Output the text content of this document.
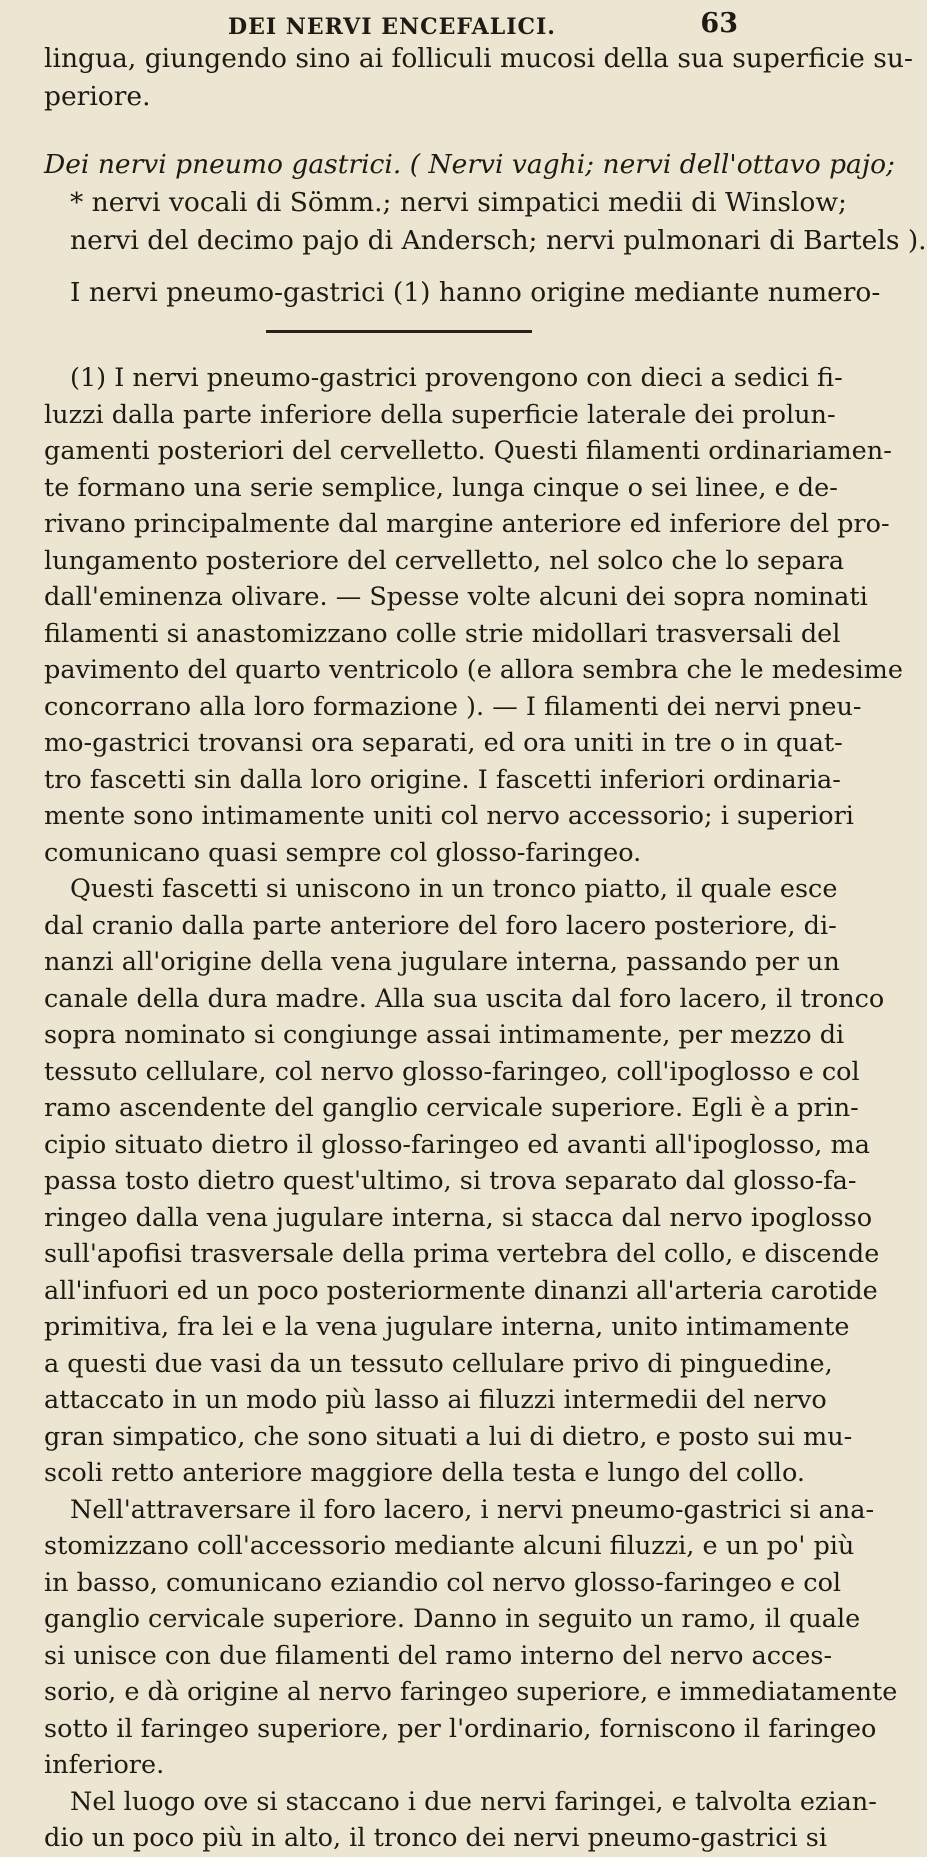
DEI NERVI ENCEFALICI.	63
lingua, giungendo sino ai folliculi mucosi della sua superficie su-
periore.
Dei nervi pneumo gastrici. ( Nervi vaghi; nervi dell'ottavo pajo;
* nervi vocali di Sömm.; nervi simpatici medii di Winslow;
nervi del decimo pajo di Andersch; nervi pulmonari di Bartels ).
I nervi pneumo-gastrici (1) hanno origine mediante numero-
(1) I nervi pneumo-gastrici provengono con dieci a sedici fi-
luzzi dalla parte inferiore della superficie laterale dei prolun-
gamenti posteriori del cervelletto. Questi filamenti ordinariamen-
te formano una serie semplice, lunga cinque o sei linee, e de-
rivano principalmente dal margine anteriore ed inferiore del pro-
lungamento posteriore del cervelletto, nel solco che lo separa
dall'eminenza olivare. — Spesse volte alcuni dei sopra nominati
filamenti si anastomizzano colle strie midollari trasversali del
pavimento del quarto ventricolo (e allora sembra che le medesime
concorrano alla loro formazione ). — I filamenti dei nervi pneu-
mo-gastrici trovansi ora separati, ed ora uniti in tre o in quat-
tro fascetti sin dalla loro origine. I fascetti inferiori ordinaria-
mente sono intimamente uniti col nervo accessorio; i superiori
comunicano quasi sempre col glosso-faringeo.
Questi fascetti si uniscono in un tronco piatto, il quale esce
dal cranio dalla parte anteriore del foro lacero posteriore, di-
nanzi all'origine della vena jugulare interna, passando per un
canale della dura madre. Alla sua uscita dal foro lacero, il tronco
sopra nominato si congiunge assai intimamente, per mezzo di
tessuto cellulare, col nervo glosso-faringeo, coll'ipoglosso e col
ramo ascendente del ganglio cervicale superiore. Egli è a prin-
cipio situato dietro il glosso-faringeo ed avanti all'ipoglosso, ma
passa tosto dietro quest'ultimo, si trova separato dal glosso-fa-
ringeo dalla vena jugulare interna, si stacca dal nervo ipoglosso
sull'apofisi trasversale della prima vertebra del collo, e discende
all'infuori ed un poco posteriormente dinanzi all'arteria carotide
primitiva, fra lei e la vena jugulare interna, unito intimamente
a questi due vasi da un tessuto cellulare privo di pinguedine,
attaccato in un modo più lasso ai filuzzi intermedii del nervo
gran simpatico, che sono situati a lui di dietro, e posto sui mu-
scoli retto anteriore maggiore della testa e lungo del collo.
Nell'attraversare il foro lacero, i nervi pneumo-gastrici si ana-
stomizzano coll'accessorio mediante alcuni filuzzi, e un po' più
in basso, comunicano eziandio col nervo glosso-faringeo e col
ganglio cervicale superiore. Danno in seguito un ramo, il quale
si unisce con due filamenti del ramo interno del nervo acces-
sorio, e dà origine al nervo faringeo superiore, e immediatamente
sotto il faringeo superiore, per l'ordinario, forniscono il faringeo
inferiore.
Nel luogo ove si staccano i due nervi faringei, e talvolta ezian-
dio un poco più in alto, il tronco dei nervi pneumo-gastrici si
